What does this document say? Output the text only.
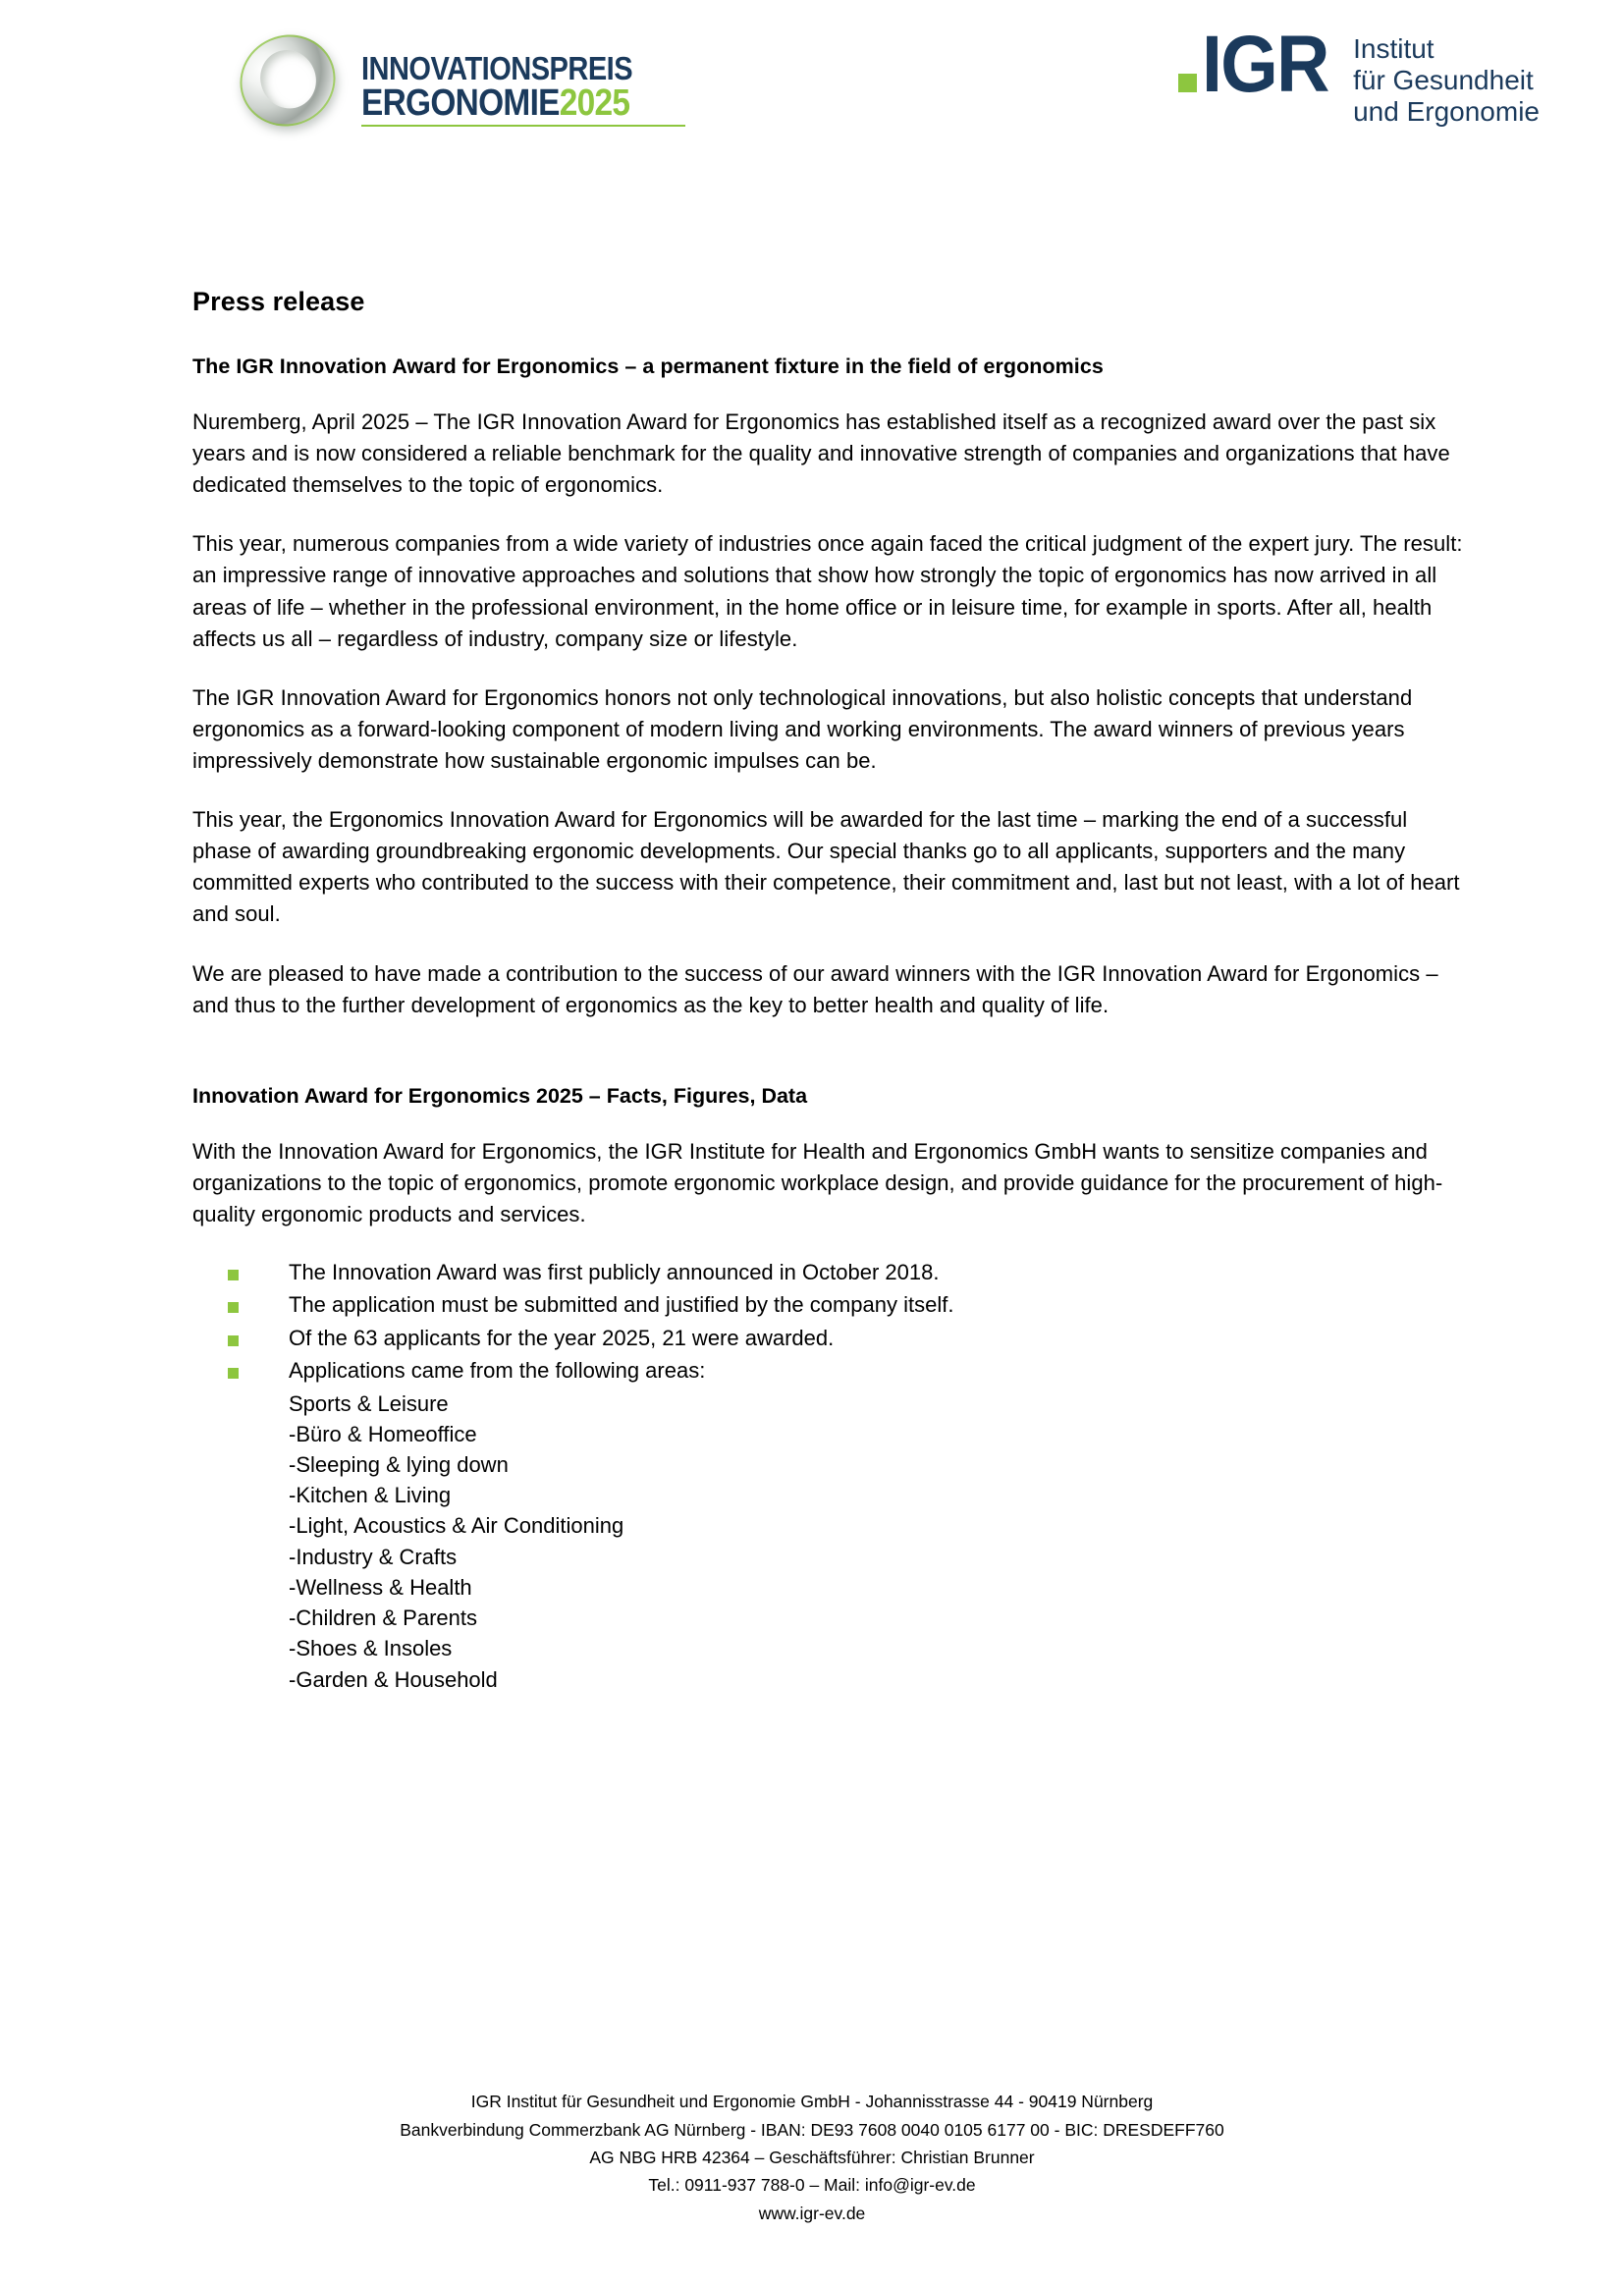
INNOVATIONSPREIS
ERGONOMIE2025	IGR Institut
für Gesundheit
und Ergonomie
Press release
The IGR Innovation Award for Ergonomics – a permanent fixture in the field of ergonomics

Nuremberg, April 2025 – The IGR Innovation Award for Ergonomics has established itself as a recognized award over the past six years and is now considered a reliable benchmark for the quality and innovative strength of companies and organizations that have dedicated themselves to the topic of ergonomics.

This year, numerous companies from a wide variety of industries once again faced the critical judgment of the expert jury. The result: an impressive range of innovative approaches and solutions that show how strongly the topic of ergonomics has now arrived in all areas of life – whether in the professional environment, in the home office or in leisure time, for example in sports. After all, health affects us all – regardless of industry, company size or lifestyle.

The IGR Innovation Award for Ergonomics honors not only technological innovations, but also holistic concepts that understand ergonomics as a forward-looking component of modern living and working environments. The award winners of previous years impressively demonstrate how sustainable ergonomic impulses can be.

This year, the Ergonomics Innovation Award for Ergonomics will be awarded for the last time – marking the end of a successful phase of awarding groundbreaking ergonomic developments. Our special thanks go to all applicants, supporters and the many committed experts who contributed to the success with their competence, their commitment and, last but not least, with a lot of heart and soul.

We are pleased to have made a contribution to the success of our award winners with the IGR Innovation Award for Ergonomics – and thus to the further development of ergonomics as the key to better health and quality of life.

Innovation Award for Ergonomics 2025 – Facts, Figures, Data

With the Innovation Award for Ergonomics, the IGR Institute for Health and Ergonomics GmbH wants to sensitize companies and organizations to the topic of ergonomics, promote ergonomic workplace design, and provide guidance for the procurement of high-quality ergonomic products and services.

The Innovation Award was first publicly announced in October 2018.
The application must be submitted and justified by the company itself.
Of the 63 applicants for the year 2025, 21 were awarded.
Applications came from the following areas:
Sports & Leisure
-Büro & Homeoffice
-Sleeping & lying down
-Kitchen & Living
-Light, Acoustics & Air Conditioning
-Industry & Crafts
-Wellness & Health
-Children & Parents
-Shoes & Insoles
-Garden & Household
IGR Institut für Gesundheit und Ergonomie GmbH - Johannisstrasse 44 - 90419 Nürnberg
Bankverbindung Commerzbank AG Nürnberg - IBAN: DE93 7608 0040 0105 6177 00 - BIC: DRESDEFF760
AG NBG HRB 42364 – Geschäftsführer: Christian Brunner
Tel.: 0911-937 788-0 – Mail: info@igr-ev.de
www.igr-ev.de
